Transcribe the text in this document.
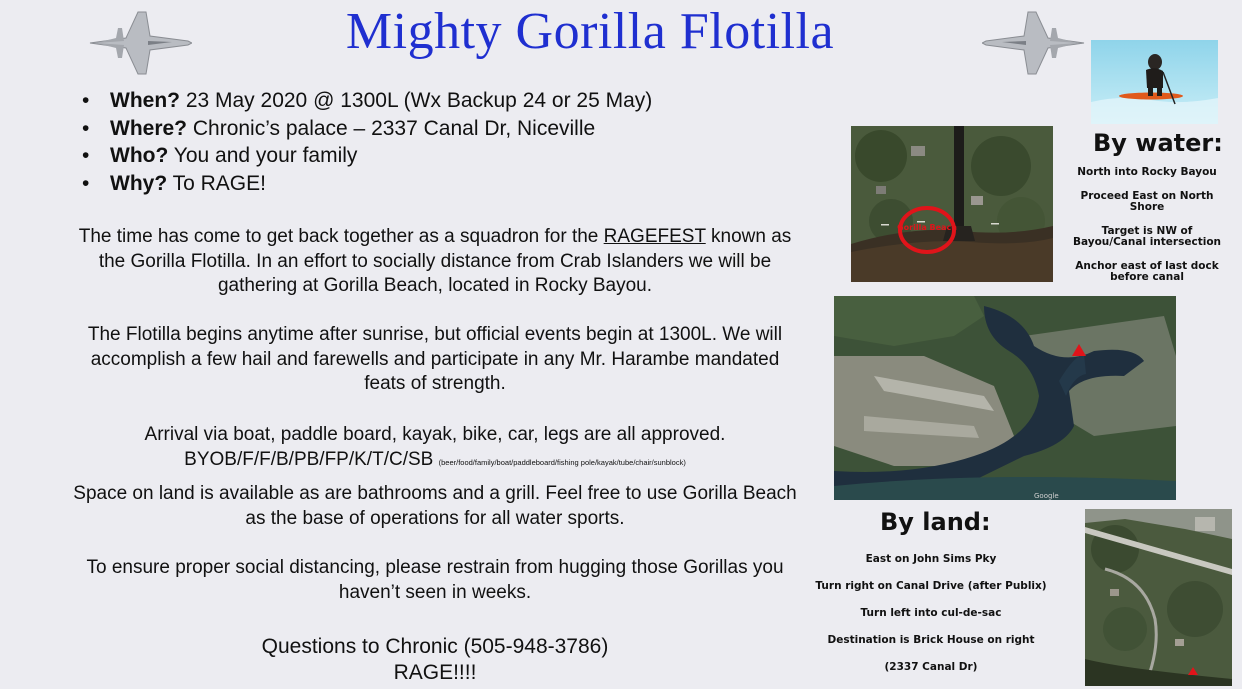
Mighty Gorilla Flotilla
• When? 23 May 2020 @ 1300L (Wx Backup 24 or 25 May)
• Where? Chronic’s palace – 2337 Canal Dr, Niceville
• Who? You and your family
• Why? To RAGE!
The time has come to get back together as a squadron for the RAGEFEST known as the Gorilla Flotilla. In an effort to socially distance from Crab Islanders we will be gathering at Gorilla Beach, located in Rocky Bayou.
The Flotilla begins anytime after sunrise, but official events begin at 1300L. We will accomplish a few hail and farewells and participate in any Mr. Harambe mandated feats of strength.
Arrival via boat, paddle board, kayak, bike, car, legs are all approved.
BYOB/F/F/B/PB/FP/K/T/C/SB (beer/food/family/boat/paddleboard/fishing pole/kayak/tube/chair/sunblock)
Space on land is available as are bathrooms and a grill. Feel free to use Gorilla Beach as the base of operations for all water sports.
To ensure proper social distancing, please restrain from hugging those Gorillas you haven’t seen in weeks.
Questions to Chronic (505-948-3786)
RAGE!!!!
By water:
Gorilla Beach
North into Rocky Bayou
Proceed East on North Shore
Target is NW of Bayou/Canal intersection
Anchor east of last dock before canal
Google
By land:
East on John Sims Pky
Turn right on Canal Drive (after Publix)
Turn left into cul-de-sac
Destination is Brick House on right
(2337 Canal Dr)
